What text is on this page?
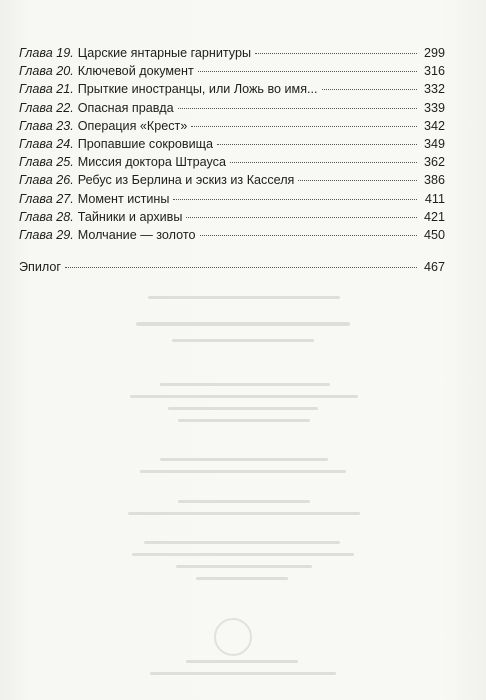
Глава 19. Царские янтарные гарнитуры	299
Глава 20. Ключевой документ	316
Глава 21. Прыткие иностранцы, или Ложь во имя...	332
Глава 22. Опасная правда	339
Глава 23. Операция «Крест»	342
Глава 24. Пропавшие сокровища	349
Глава 25. Миссия доктора Штрауса	362
Глава 26. Ребус из Берлина и эскиз из Касселя	386
Глава 27. Момент истины	411
Глава 28. Тайники и архивы	421
Глава 29. Молчание — золото	450
Эпилог	467
